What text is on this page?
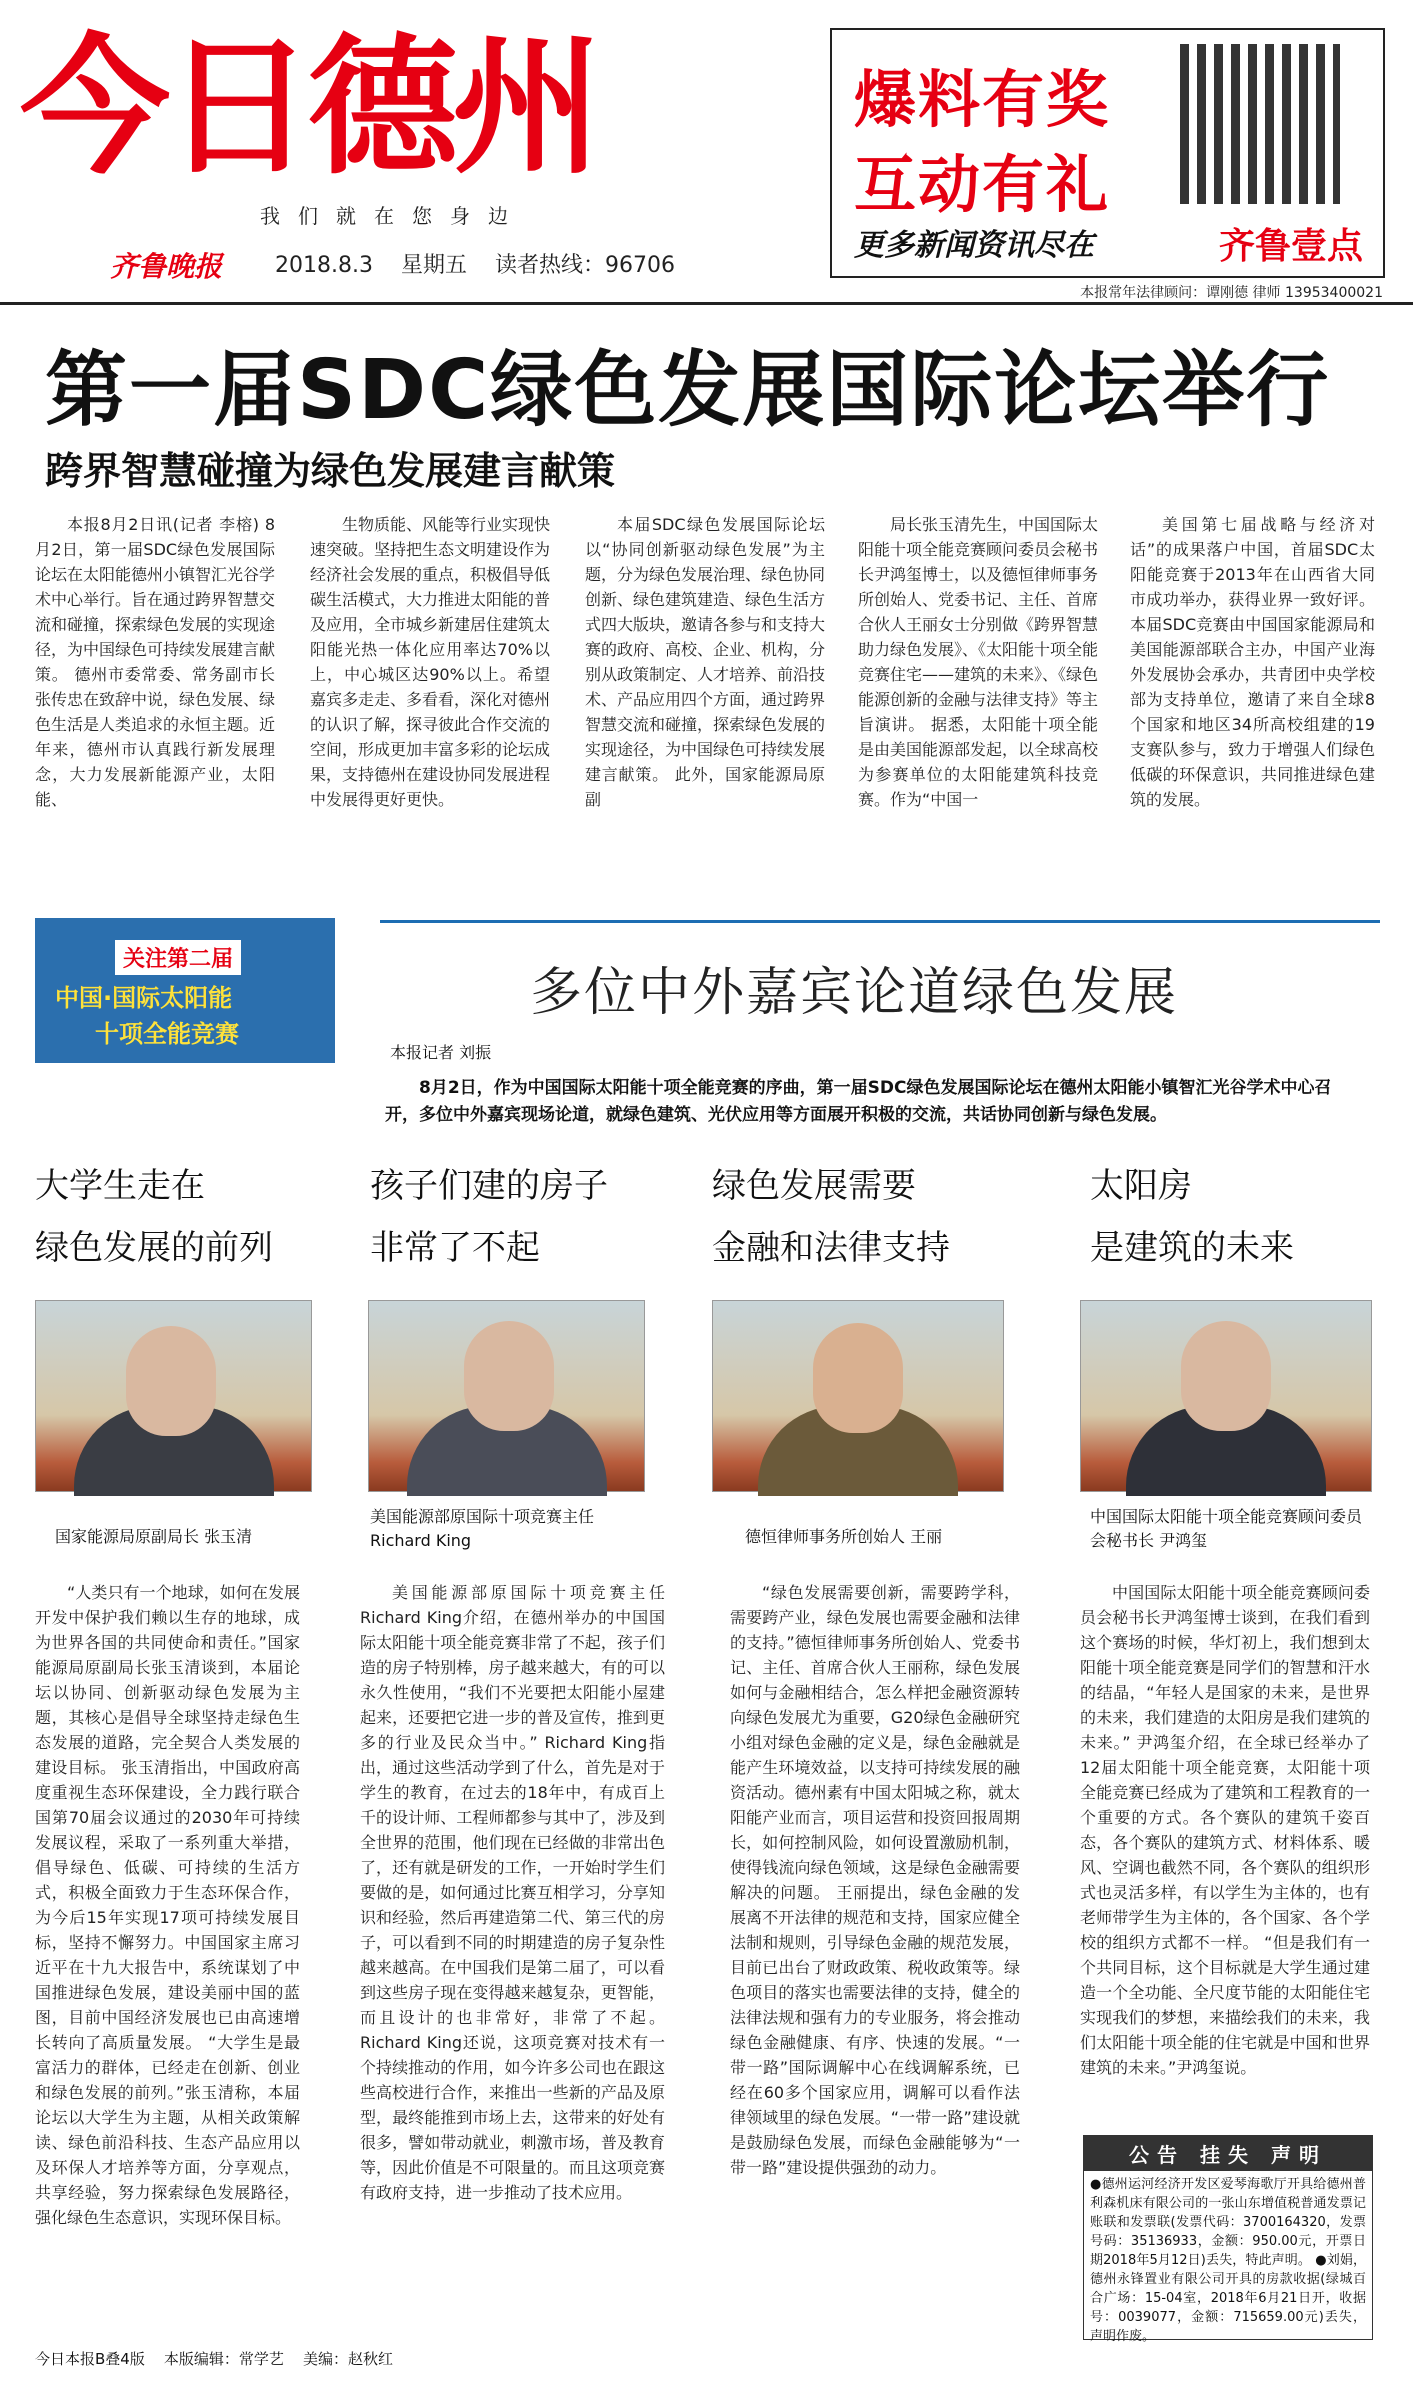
今日德州
我们就在您身边
齐鲁晚报 2018.8.3 星期五 读者热线：96706
爆料有奖
互动有礼
更多新闻资讯尽在	齐鲁壹点
本报常年法律顾问：谭刚德 律师 13953400021
第一届SDC绿色发展国际论坛举行
跨界智慧碰撞为绿色发展建言献策

本报8月2日讯(记者 李榕) 8月2日，第一届SDC绿色发展国际论坛在太阳能德州小镇智汇光谷学术中心举行。旨在通过跨界智慧交流和碰撞，探索绿色发展的实现途径，为中国绿色可持续发展建言献策。 德州市委常委、常务副市长张传忠在致辞中说，绿色发展、绿色生活是人类追求的永恒主题。近年来，德州市认真践行新发展理念，大力发展新能源产业，太阳能、

生物质能、风能等行业实现快速突破。坚持把生态文明建设作为经济社会发展的重点，积极倡导低碳生活模式，大力推进太阳能的普及应用，全市城乡新建居住建筑太阳能光热一体化应用率达70%以上，中心城区达90%以上。希望嘉宾多走走、多看看，深化对德州的认识了解，探寻彼此合作交流的空间，形成更加丰富多彩的论坛成果，支持德州在建设协同发展进程中发展得更好更快。

本届SDC绿色发展国际论坛以“协同创新驱动绿色发展”为主题，分为绿色发展治理、绿色协同创新、绿色建筑建造、绿色生活方式四大版块，邀请各参与和支持大赛的政府、高校、企业、机构，分别从政策制定、人才培养、前沿技术、产品应用四个方面，通过跨界智慧交流和碰撞，探索绿色发展的实现途径，为中国绿色可持续发展建言献策。 此外，国家能源局原副

局长张玉清先生，中国国际太阳能十项全能竞赛顾问委员会秘书长尹鸿玺博士，以及德恒律师事务所创始人、党委书记、主任、首席合伙人王丽女士分别做《跨界智慧助力绿色发展》、《太阳能十项全能竞赛住宅——建筑的未来》、《绿色能源创新的金融与法律支持》等主旨演讲。 据悉，太阳能十项全能是由美国能源部发起，以全球高校为参赛单位的太阳能建筑科技竞赛。作为“中国一

美国第七届战略与经济对话”的成果落户中国，首届SDC太阳能竞赛于2013年在山西省大同市成功举办，获得业界一致好评。本届SDC竞赛由中国国家能源局和美国能源部联合主办，中国产业海外发展协会承办，共青团中央学校部为支持单位，邀请了来自全球8个国家和地区34所高校组建的19支赛队参与，致力于增强人们绿色低碳的环保意识，共同推进绿色建筑的发展。

关注第二届
中国·国际太阳能
十项全能竞赛
多位中外嘉宾论道绿色发展
本报记者 刘振
8月2日，作为中国国际太阳能十项全能竞赛的序曲，第一届SDC绿色发展国际论坛在德州太阳能小镇智汇光谷学术中心召开，多位中外嘉宾现场论道，就绿色建筑、光伏应用等方面展开积极的交流，共话协同创新与绿色发展。
大学生走在
绿色发展的前列
国家能源局原副局长 张玉清

“人类只有一个地球，如何在发展开发中保护我们赖以生存的地球，成为世界各国的共同使命和责任。”国家能源局原副局长张玉清谈到，本届论坛以协同、创新驱动绿色发展为主题，其核心是倡导全球坚持走绿色生态发展的道路，完全契合人类发展的建设目标。 张玉清指出，中国政府高度重视生态环保建设，全力践行联合国第70届会议通过的2030年可持续发展议程，采取了一系列重大举措，倡导绿色、低碳、可持续的生活方式，积极全面致力于生态环保合作，为今后15年实现17项可持续发展目标，坚持不懈努力。中国国家主席习近平在十九大报告中，系统谋划了中国推进绿色发展，建设美丽中国的蓝图，目前中国经济发展也已由高速增长转向了高质量发展。 “大学生是最富活力的群体，已经走在创新、创业和绿色发展的前列。”张玉清称，本届论坛以大学生为主题，从相关政策解读、绿色前沿科技、生态产品应用以及环保人才培养等方面，分享观点，共享经验，努力探索绿色发展路径，强化绿色生态意识，实现环保目标。

孩子们建的房子
非常了不起
美国能源部原国际十项竞赛主任 Richard King

美国能源部原国际十项竞赛主任Richard King介绍，在德州举办的中国国际太阳能十项全能竞赛非常了不起，孩子们造的房子特别棒，房子越来越大，有的可以永久性使用，“我们不光要把太阳能小屋建起来，还要把它进一步的普及宣传，推到更多的行业及民众当中。” Richard King指出，通过这些活动学到了什么，首先是对于学生的教育，在过去的18年中，有成百上千的设计师、工程师都参与其中了，涉及到全世界的范围，他们现在已经做的非常出色了，还有就是研发的工作，一开始时学生们要做的是，如何通过比赛互相学习，分享知识和经验，然后再建造第二代、第三代的房子，可以看到不同的时期建造的房子复杂性越来越高。在中国我们是第二届了，可以看到这些房子现在变得越来越复杂，更智能，而且设计的也非常好，非常了不起。 Richard King还说，这项竞赛对技术有一个持续推动的作用，如今许多公司也在跟这些高校进行合作，来推出一些新的产品及原型，最终能推到市场上去，这带来的好处有很多，譬如带动就业，刺激市场，普及教育等，因此价值是不可限量的。而且这项竞赛有政府支持，进一步推动了技术应用。

绿色发展需要
金融和法律支持
德恒律师事务所创始人 王丽

“绿色发展需要创新，需要跨学科，需要跨产业，绿色发展也需要金融和法律的支持。”德恒律师事务所创始人、党委书记、主任、首席合伙人王丽称，绿色发展如何与金融相结合，怎么样把金融资源转向绿色发展尤为重要，G20绿色金融研究小组对绿色金融的定义是，绿色金融就是能产生环境效益，以支持可持续发展的融资活动。德州素有中国太阳城之称，就太阳能产业而言，项目运营和投资回报周期长，如何控制风险，如何设置激励机制，使得钱流向绿色领域，这是绿色金融需要解决的问题。 王丽提出，绿色金融的发展离不开法律的规范和支持，国家应健全法制和规则，引导绿色金融的规范发展，目前已出台了财政政策、税收政策等。绿色项目的落实也需要法律的支持，健全的法律法规和强有力的专业服务，将会推动绿色金融健康、有序、快速的发展。“一带一路”国际调解中心在线调解系统，已经在60多个国家应用，调解可以看作法律领域里的绿色发展。“一带一路”建设就是鼓励绿色发展，而绿色金融能够为“一带一路”建设提供强劲的动力。

太阳房
是建筑的未来
中国国际太阳能十项全能竞赛顾问委员会秘书长 尹鸿玺

中国国际太阳能十项全能竞赛顾问委员会秘书长尹鸿玺博士谈到，在我们看到这个赛场的时候，华灯初上，我们想到太阳能十项全能竞赛是同学们的智慧和汗水的结晶，“年轻人是国家的未来，是世界的未来，我们建造的太阳房是我们建筑的未来。” 尹鸿玺介绍，在全球已经举办了12届太阳能十项全能竞赛，太阳能十项全能竞赛已经成为了建筑和工程教育的一个重要的方式。各个赛队的建筑千姿百态，各个赛队的建筑方式、材料体系、暖风、空调也截然不同，各个赛队的组织形式也灵活多样，有以学生为主体的，也有老师带学生为主体的，各个国家、各个学校的组织方式都不一样。 “但是我们有一个共同目标，这个目标就是大学生通过建造一个全功能、全尺度节能的太阳能住宅实现我们的梦想，来描绘我们的未来，我们太阳能十项全能的住宅就是中国和世界建筑的未来。”尹鸿玺说。

公告 挂失 声明
●德州运河经济开发区爱琴海歌厅开具给德州普利森机床有限公司的一张山东增值税普通发票记账联和发票联(发票代码：3700164320，发票号码：35136933，金额：950.00元，开票日期2018年5月12日)丢失，特此声明。 ●刘娟，德州永锋置业有限公司开具的房款收据(绿城百合广场：15-04室，2018年6月21日开，收据号：0039077，金额：715659.00元)丢失，声明作废。
今日本报B叠4版 本版编辑：常学艺 美编：赵秋红
